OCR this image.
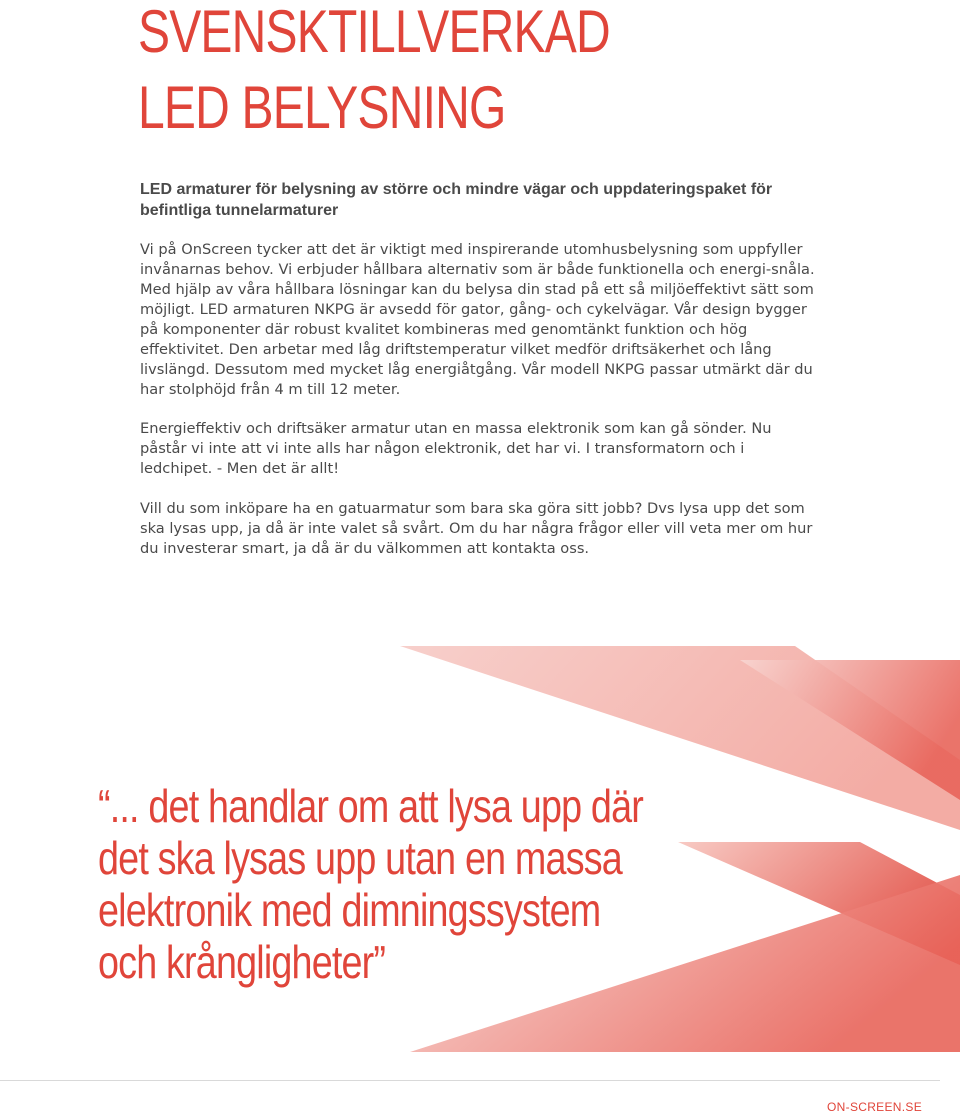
SVENSKTILLVERKAD
LED BELYSNING

LED armaturer för belysning av större och mindre vägar och uppdateringspaket för befintliga tunnelarmaturer

Vi på OnScreen tycker att det är viktigt med inspirerande utomhusbelysning som uppfyller invånarnas behov. Vi erbjuder hållbara alternativ som är både funktionella och energi-snåla. Med hjälp av våra hållbara lösningar kan du belysa din stad på ett så miljöeffektivt sätt som möjligt. LED armaturen NKPG är avsedd för gator, gång- och cykelvägar. Vår design bygger på komponenter där robust kvalitet kombineras med genomtänkt funktion och hög effektivitet. Den arbetar med låg driftstemperatur vilket medför driftsäkerhet och lång livslängd. Dessutom med mycket låg energiåtgång. Vår modell NKPG passar utmärkt där du har stolphöjd från 4 m till 12 meter.

Energieffektiv och driftsäker armatur utan en massa elektronik som kan gå sönder. Nu påstår vi inte att vi inte alls har någon elektronik, det har vi. I transformatorn och i ledchipet. - Men det är allt!

Vill du som inköpare ha en gatuarmatur som bara ska göra sitt jobb? Dvs lysa upp det som ska lysas upp, ja då är inte valet så svårt. Om du har några frågor eller vill veta mer om hur du investerar smart, ja då är du välkommen att kontakta oss.

“... det handlar om att lysa upp där
det ska lysas upp utan en massa
elektronik med dimningssystem
och krångligheter”
ON-SCREEN.SE
